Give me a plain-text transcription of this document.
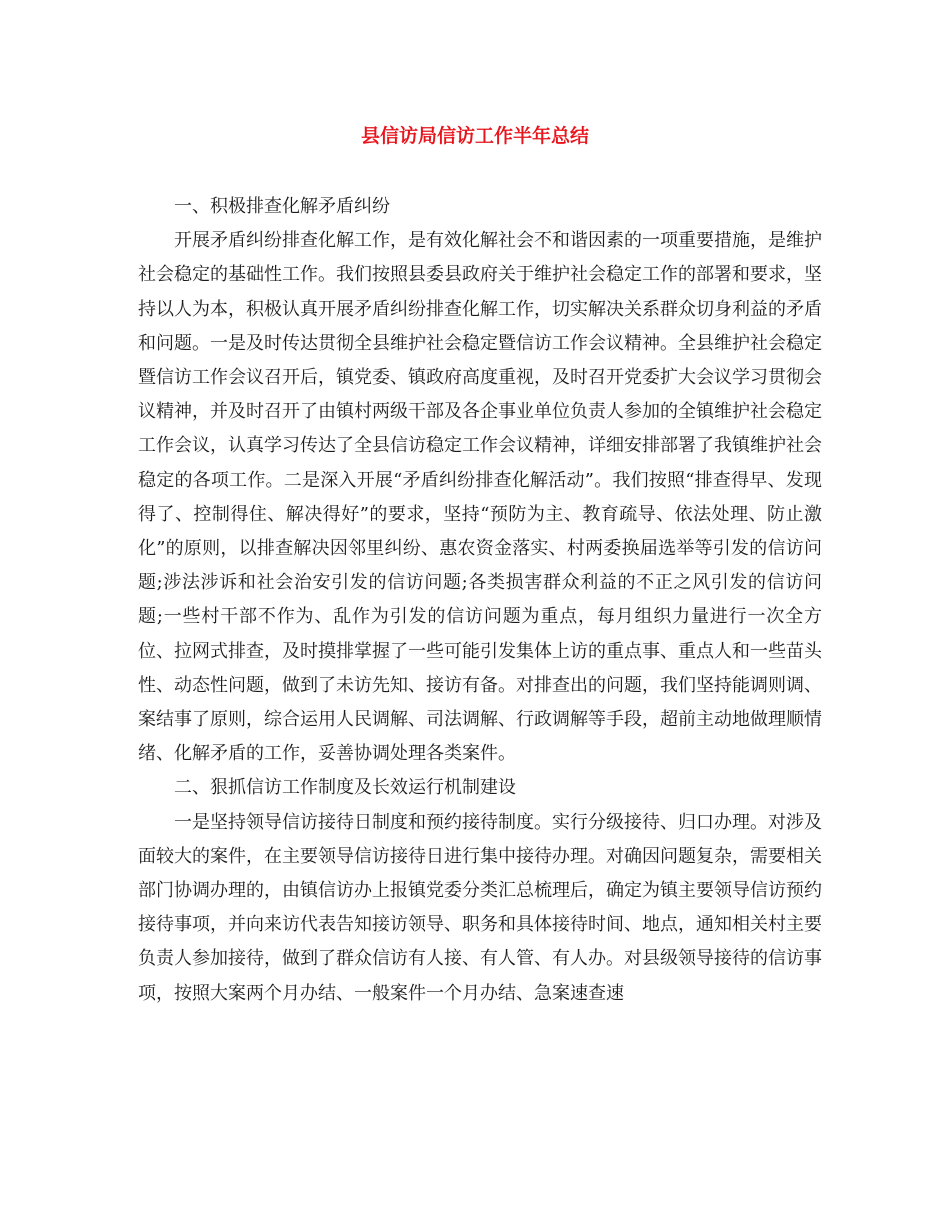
县信访局信访工作半年总结

一、积极排查化解矛盾纠纷

开展矛盾纠纷排查化解工作，是有效化解社会不和谐因素的一项重要措施，是维护社会稳定的基础性工作。我们按照县委县政府关于维护社会稳定工作的部署和要求，坚持以人为本，积极认真开展矛盾纠纷排查化解工作，切实解决关系群众切身利益的矛盾和问题。一是及时传达贯彻全县维护社会稳定暨信访工作会议精神。全县维护社会稳定暨信访工作会议召开后，镇党委、镇政府高度重视，及时召开党委扩大会议学习贯彻会议精神，并及时召开了由镇村两级干部及各企事业单位负责人参加的全镇维护社会稳定工作会议，认真学习传达了全县信访稳定工作会议精神，详细安排部署了我镇维护社会稳定的各项工作。二是深入开展“矛盾纠纷排查化解活动”。我们按照“排查得早、发现得了、控制得住、解决得好”的要求，坚持“预防为主、教育疏导、依法处理、防止激化”的原则，以排查解决因邻里纠纷、惠农资金落实、村两委换届选举等引发的信访问题;涉法涉诉和社会治安引发的信访问题;各类损害群众利益的不正之风引发的信访问题;一些村干部不作为、乱作为引发的信访问题为重点，每月组织力量进行一次全方位、拉网式排查，及时摸排掌握了一些可能引发集体上访的重点事、重点人和一些苗头性、动态性问题，做到了未访先知、接访有备。对排查出的问题，我们坚持能调则调、案结事了原则，综合运用人民调解、司法调解、行政调解等手段，超前主动地做理顺情绪、化解矛盾的工作，妥善协调处理各类案件。

二、狠抓信访工作制度及长效运行机制建设

一是坚持领导信访接待日制度和预约接待制度。实行分级接待、归口办理。对涉及面较大的案件，在主要领导信访接待日进行集中接待办理。对确因问题复杂，需要相关部门协调办理的，由镇信访办上报镇党委分类汇总梳理后，确定为镇主要领导信访预约接待事项，并向来访代表告知接访领导、职务和具体接待时间、地点，通知相关村主要负责人参加接待，做到了群众信访有人接、有人管、有人办。对县级领导接待的信访事项，按照大案两个月办结、一般案件一个月办结、急案速查速
